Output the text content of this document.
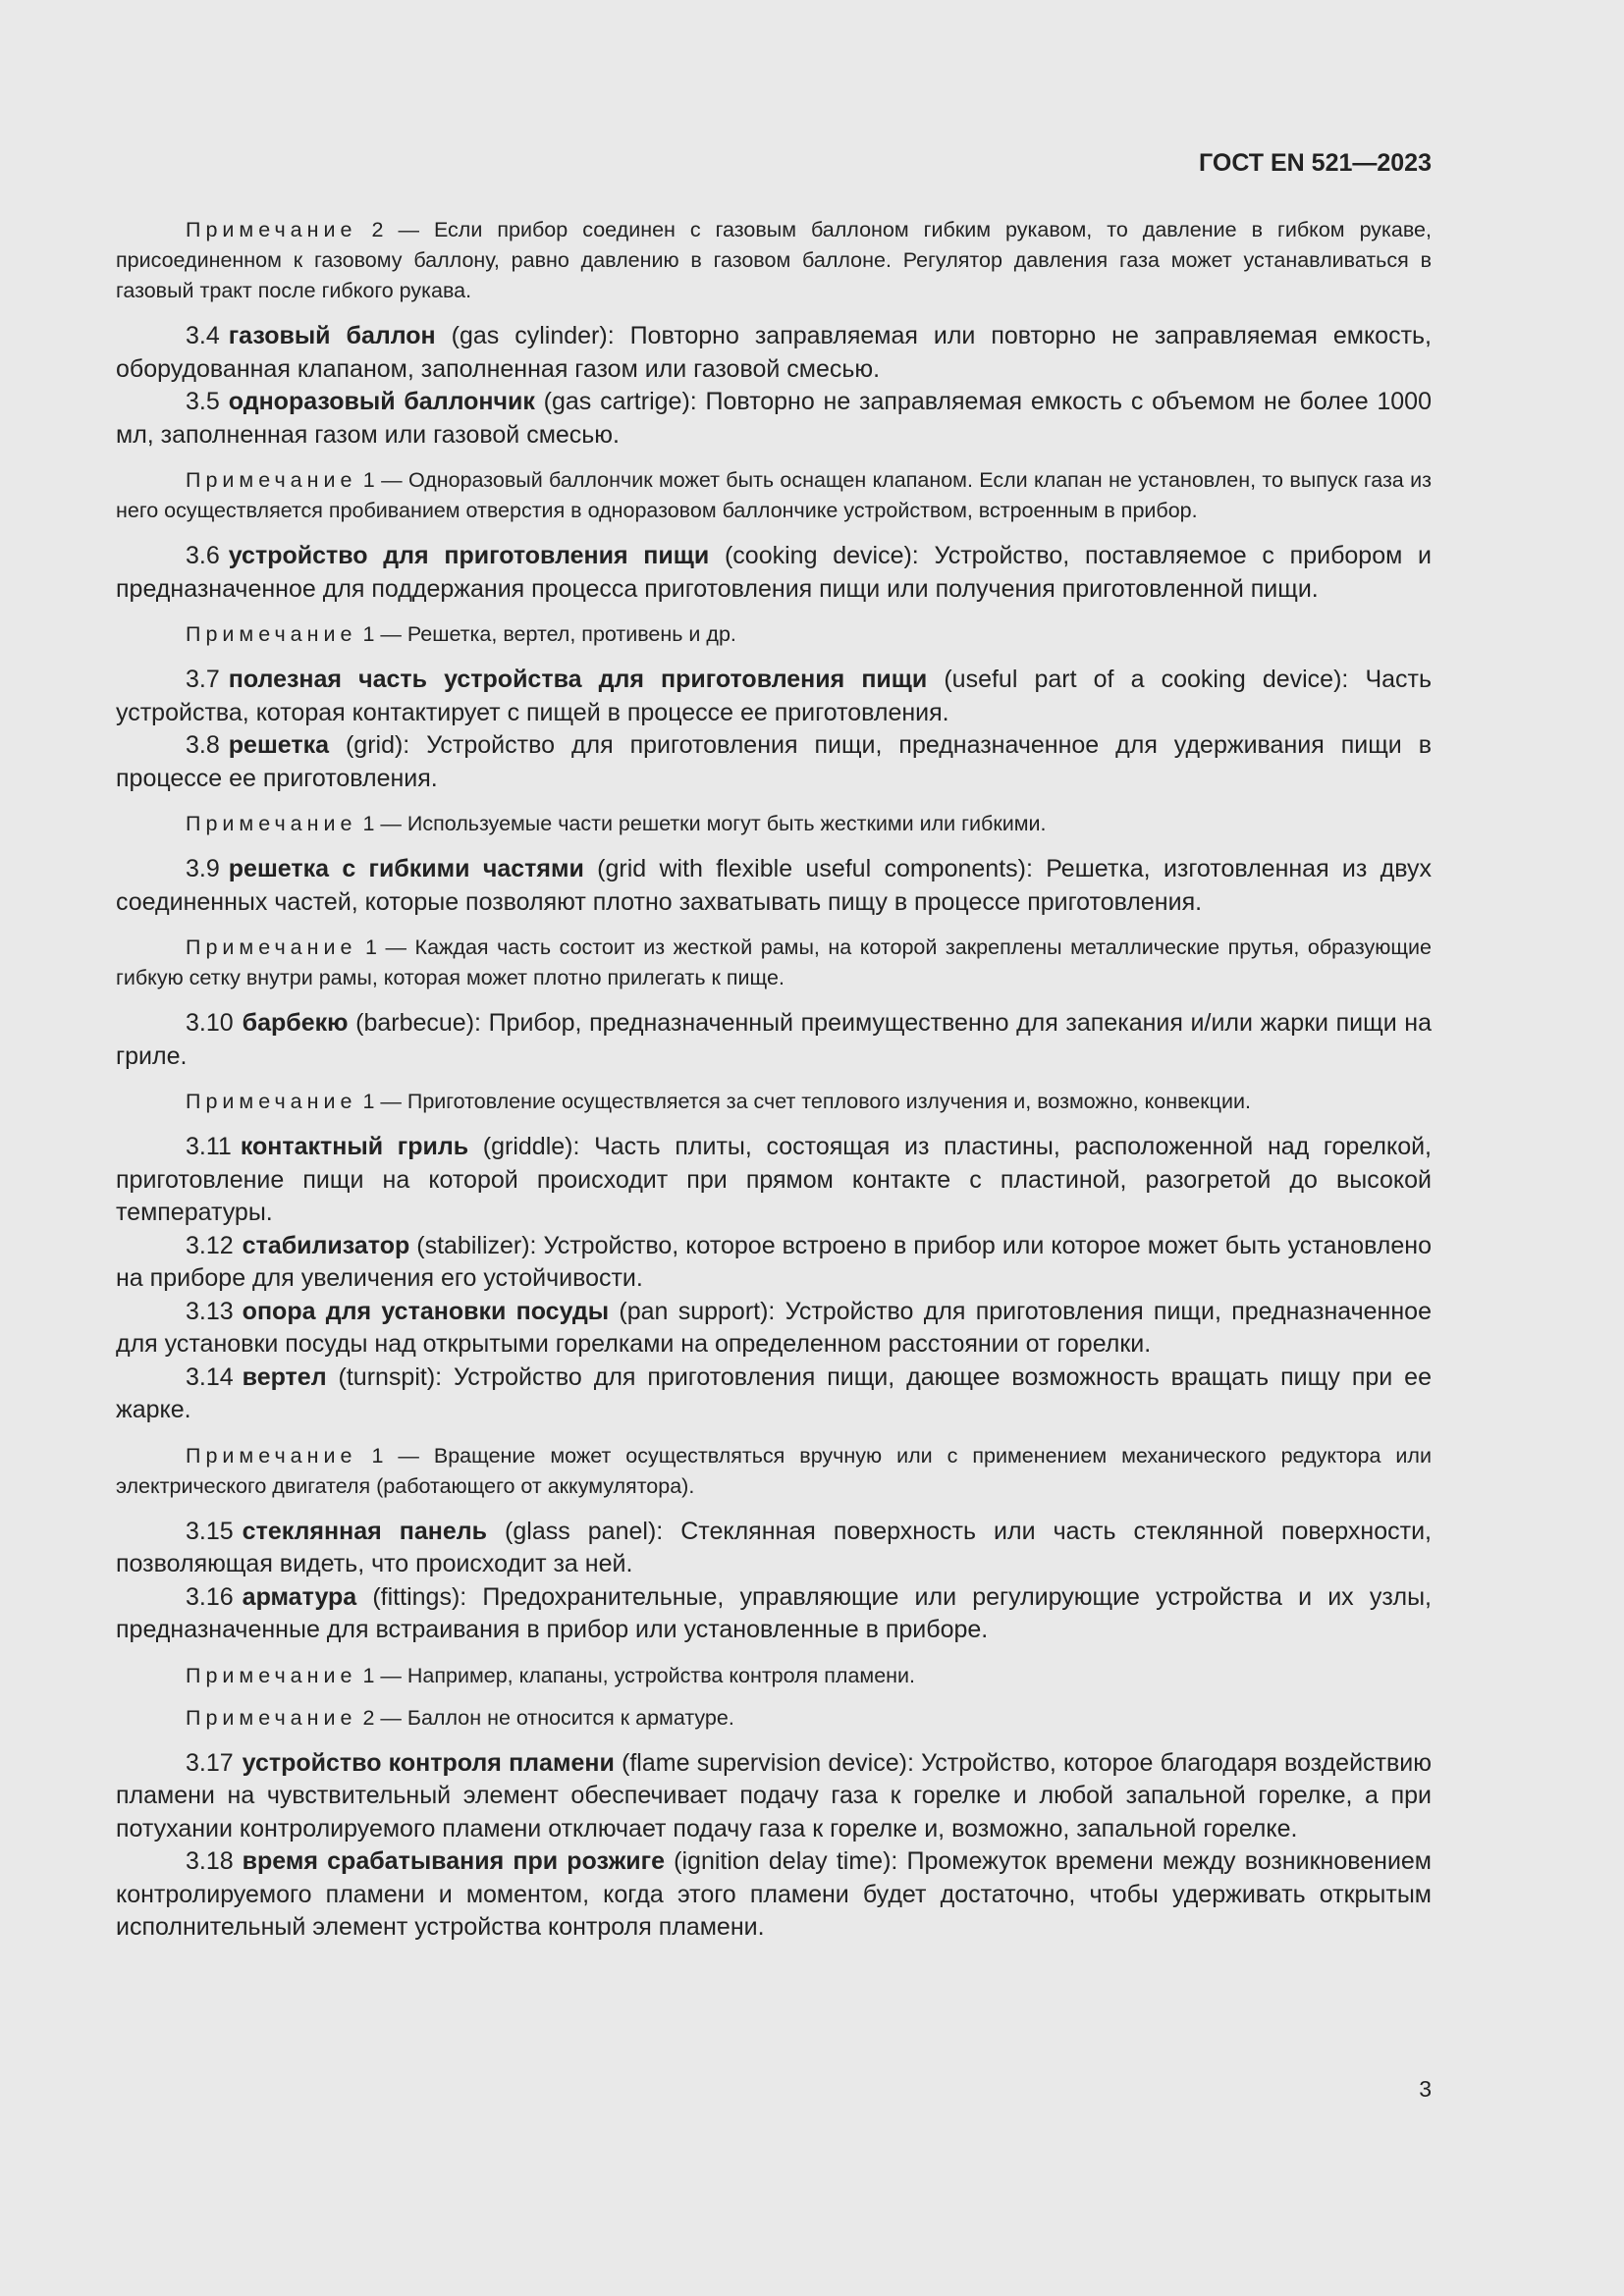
ГОСТ EN 521—2023

Примечание 2 — Если прибор соединен с газовым баллоном гибким рукавом, то давление в гибком рукаве, присоединенном к газовому баллону, равно давлению в газовом баллоне. Регулятор давления газа может устанавливаться в газовый тракт после гибкого рукава.

3.4 газовый баллон (gas cylinder): Повторно заправляемая или повторно не заправляемая емкость, оборудованная клапаном, заполненная газом или газовой смесью.

3.5 одноразовый баллончик (gas cartrige): Повторно не заправляемая емкость с объемом не более 1000 мл, заполненная газом или газовой смесью.

Примечание 1 — Одноразовый баллончик может быть оснащен клапаном. Если клапан не установлен, то выпуск газа из него осуществляется пробиванием отверстия в одноразовом баллончике устройством, встроенным в прибор.

3.6 устройство для приготовления пищи (cooking device): Устройство, поставляемое с прибором и предназначенное для поддержания процесса приготовления пищи или получения приготовленной пищи.

Примечание 1 — Решетка, вертел, противень и др.

3.7 полезная часть устройства для приготовления пищи (useful part of a cooking device): Часть устройства, которая контактирует с пищей в процессе ее приготовления.

3.8 решетка (grid): Устройство для приготовления пищи, предназначенное для удерживания пищи в процессе ее приготовления.

Примечание 1 — Используемые части решетки могут быть жесткими или гибкими.

3.9 решетка с гибкими частями (grid with flexible useful components): Решетка, изготовленная из двух соединенных частей, которые позволяют плотно захватывать пищу в процессе приготовления.

Примечание 1 — Каждая часть состоит из жесткой рамы, на которой закреплены металлические прутья, образующие гибкую сетку внутри рамы, которая может плотно прилегать к пище.

3.10 барбекю (barbecue): Прибор, предназначенный преимущественно для запекания и/или жарки пищи на гриле.

Примечание 1 — Приготовление осуществляется за счет теплового излучения и, возможно, конвекции.

3.11 контактный гриль (griddle): Часть плиты, состоящая из пластины, расположенной над горелкой, приготовление пищи на которой происходит при прямом контакте с пластиной, разогретой до высокой температуры.

3.12 стабилизатор (stabilizer): Устройство, которое встроено в прибор или которое может быть установлено на приборе для увеличения его устойчивости.

3.13 опора для установки посуды (pan support): Устройство для приготовления пищи, предназначенное для установки посуды над открытыми горелками на определенном расстоянии от горелки.

3.14 вертел (turnspit): Устройство для приготовления пищи, дающее возможность вращать пищу при ее жарке.

Примечание 1 — Вращение может осуществляться вручную или с применением механического редуктора или электрического двигателя (работающего от аккумулятора).

3.15 стеклянная панель (glass panel): Стеклянная поверхность или часть стеклянной поверхности, позволяющая видеть, что происходит за ней.

3.16 арматура (fittings): Предохранительные, управляющие или регулирующие устройства и их узлы, предназначенные для встраивания в прибор или установленные в приборе.

Примечание 1 — Например, клапаны, устройства контроля пламени.

Примечание 2 — Баллон не относится к арматуре.

3.17 устройство контроля пламени (flame supervision device): Устройство, которое благодаря воздействию пламени на чувствительный элемент обеспечивает подачу газа к горелке и любой запальной горелке, а при потухании контролируемого пламени отключает подачу газа к горелке и, возможно, запальной горелке.

3.18 время срабатывания при розжиге (ignition delay time): Промежуток времени между возникновением контролируемого пламени и моментом, когда этого пламени будет достаточно, чтобы удерживать открытым исполнительный элемент устройства контроля пламени.

3
